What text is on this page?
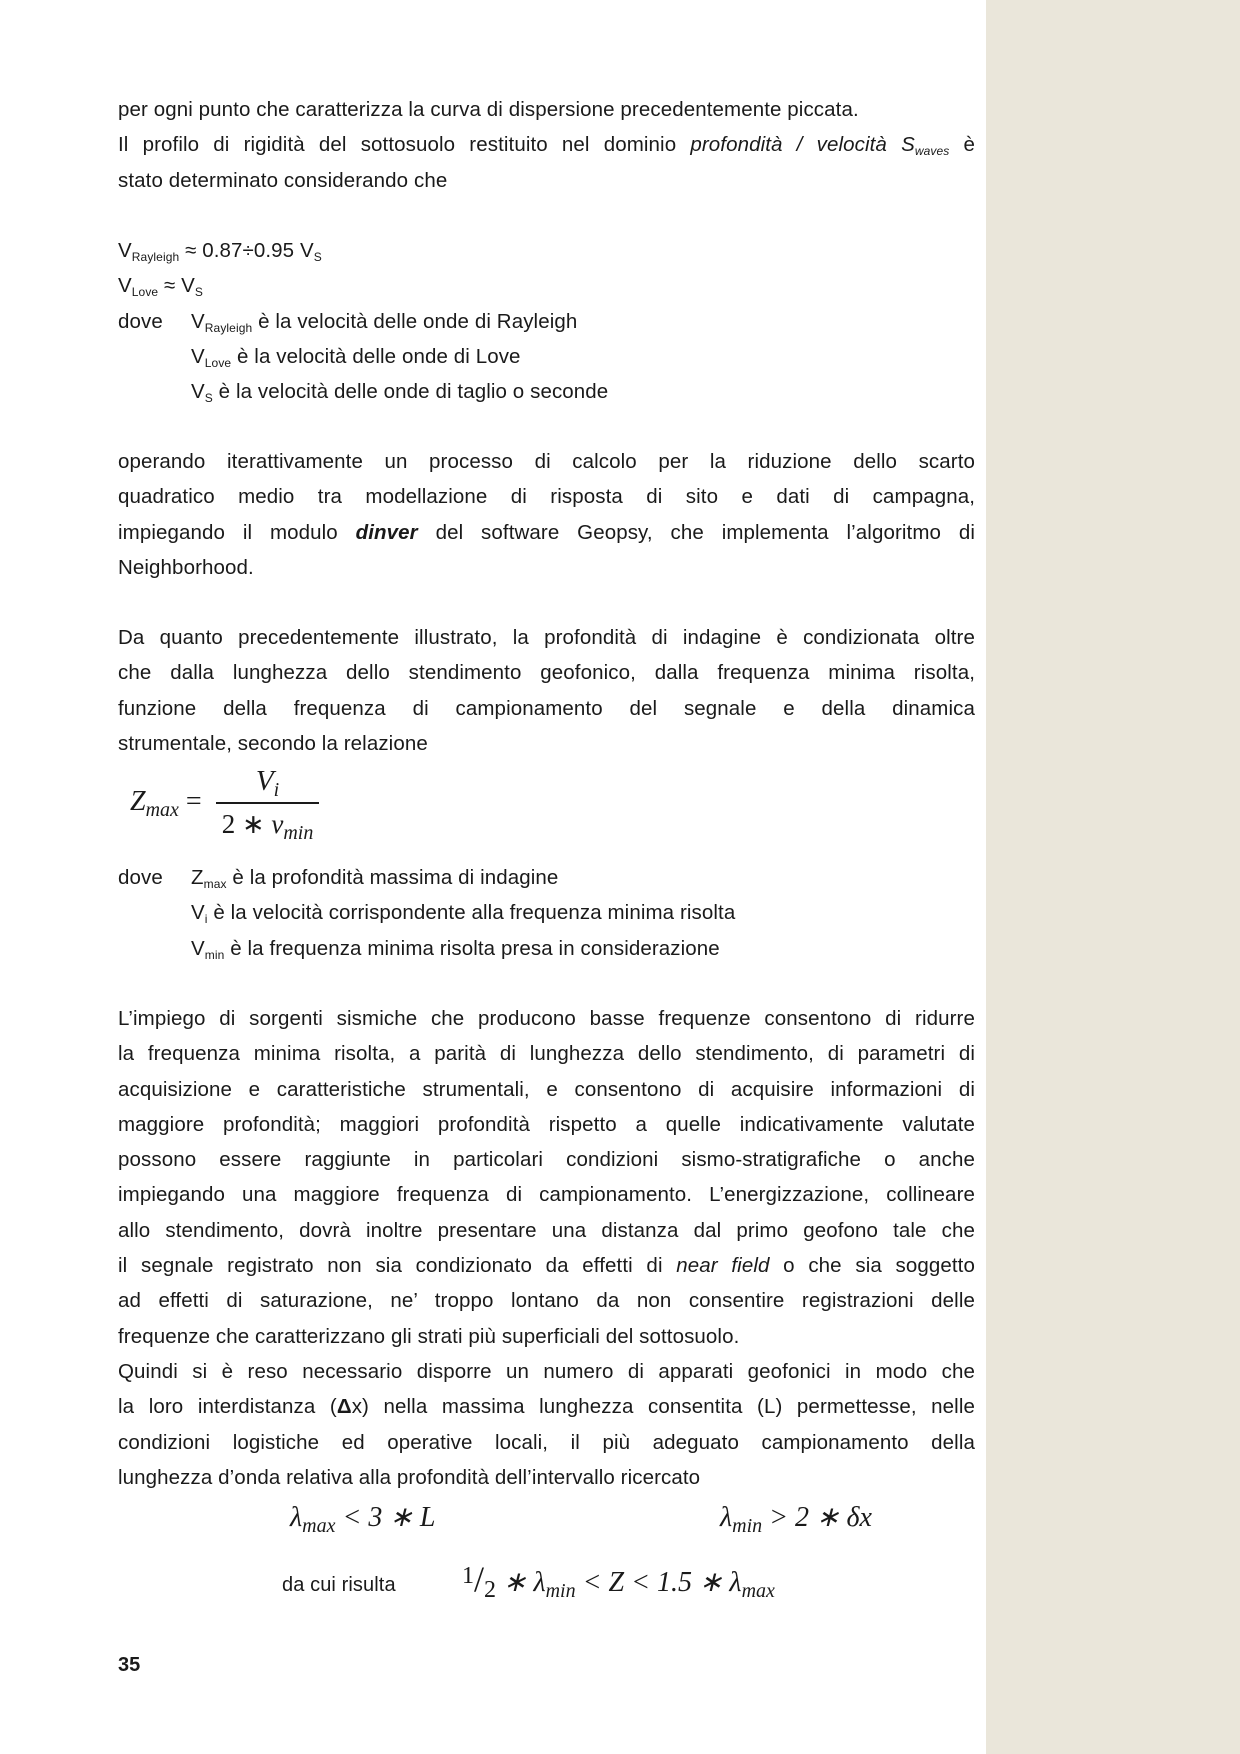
per ogni punto che caratterizza la curva di dispersione precedentemente piccata.
Il profilo di rigidità del sottosuolo restituito nel dominio profondità / velocità $S_{waves}$ è
stato determinato considerando che
$V_{Rayleigh} \approx 0.87\div 0.95$ $V_S$
$V_{Love} \approx V_S$
dove $V_{Rayleigh}$ è la velocità delle onde di Rayleigh
$V_{Love}$ è la velocità delle onde di Love
$V_S$ è la velocità delle onde di taglio o seconde
operando iterattivamente un processo di calcolo per la riduzione dello scarto
quadratico medio tra modellazione di risposta di sito e dati di campagna,
impiegando il modulo dinver del software Geopsy, che implementa l’algoritmo di
Neighborhood.
Da quanto precedentemente illustrato, la profondità di indagine è condizionata oltre
che dalla lunghezza dello stendimento geofonico, dalla frequenza minima risolta,
funzione della frequenza di campionamento del segnale e della dinamica
strumentale, secondo la relazione
$Z_{max} = \frac{V_i}{2 ∗ \nu_{min}}$
dove $Z_{max}$ è la profondità massima di indagine
$V_i$ è la velocità corrispondente alla frequenza minima risolta
$V_{min}$ è la frequenza minima risolta presa in considerazione
L’impiego di sorgenti sismiche che producono basse frequenze consentono di ridurre
la frequenza minima risolta, a parità di lunghezza dello stendimento, di parametri di
acquisizione e caratteristiche strumentali, e consentono di acquisire informazioni di
maggiore profondità; maggiori profondità rispetto a quelle indicativamente valutate
possono essere raggiunte in particolari condizioni sismo-stratigrafiche o anche
impiegando una maggiore frequenza di campionamento. L’energizzazione, collineare
allo stendimento, dovrà inoltre presentare una distanza dal primo geofono tale che
il segnale registrato non sia condizionato da effetti di near field o che sia soggetto
ad effetti di saturazione, ne’ troppo lontano da non consentire registrazioni delle
frequenze che caratterizzano gli strati più superficiali del sottosuolo.
Quindi si è reso necessario disporre un numero di apparati geofonici in modo che
la loro interdistanza (Δx) nella massima lunghezza consentita (L) permettesse, nelle
condizioni logistiche ed operative locali, il più adeguato campionamento della
lunghezza d’onda relativa alla profondità dell’intervallo ricercato
$\lambda_{max} < 3$ ∗ L	$\lambda_{min} > 2$ ∗ δx
da cui risulta	1/2 ∗ $\lambda_{min} < Z < 1.5$ ∗ $\lambda_{max}$
35
